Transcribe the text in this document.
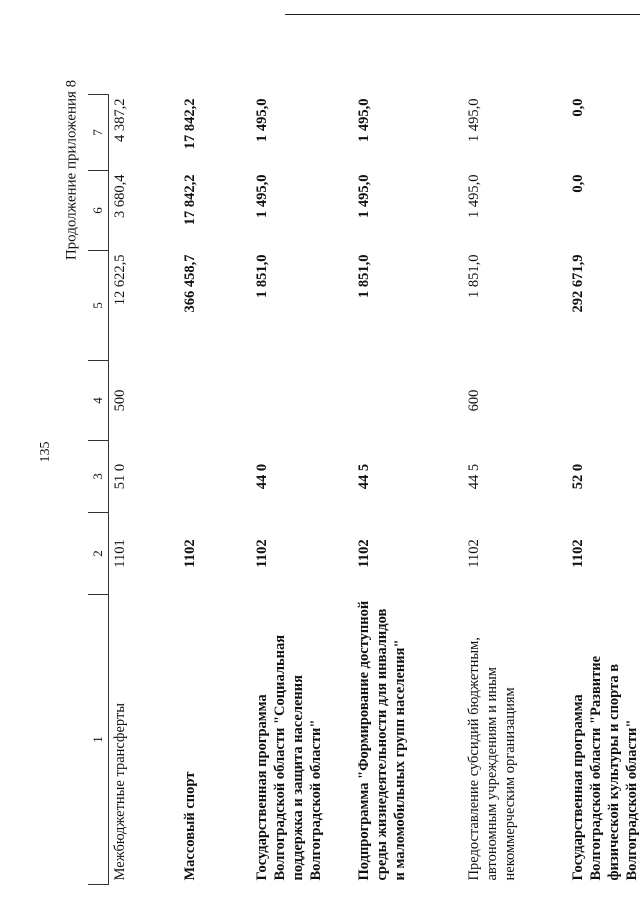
135
Продолжение приложения 8
1	2	3	4	5	6	7
Межбюджетные трансферты	1101	51 0	500	12 622,5	3 680,4	4 387,2
Массовый спорт	1102			366 458,7	17 842,2	17 842,2
Государственная программа Волгоградской области "Социальная поддержка и защита населения Волгоградской области"	1102	44 0		1 851,0	1 495,0	1 495,0
Подпрограмма "Формирование доступной среды жизнедеятельности для инвалидов и маломобильных групп населения"	1102	44 5		1 851,0	1 495,0	1 495,0
Предоставление субсидий бюджетным, автономным учреждениям и иным некоммерческим организациям	1102	44 5	600	1 851,0	1 495,0	1 495,0
Государственная программа Волгоградской области "Развитие физической культуры и спорта в Волгоградской области"	1102	52 0		292 671,9	0,0	0,0
